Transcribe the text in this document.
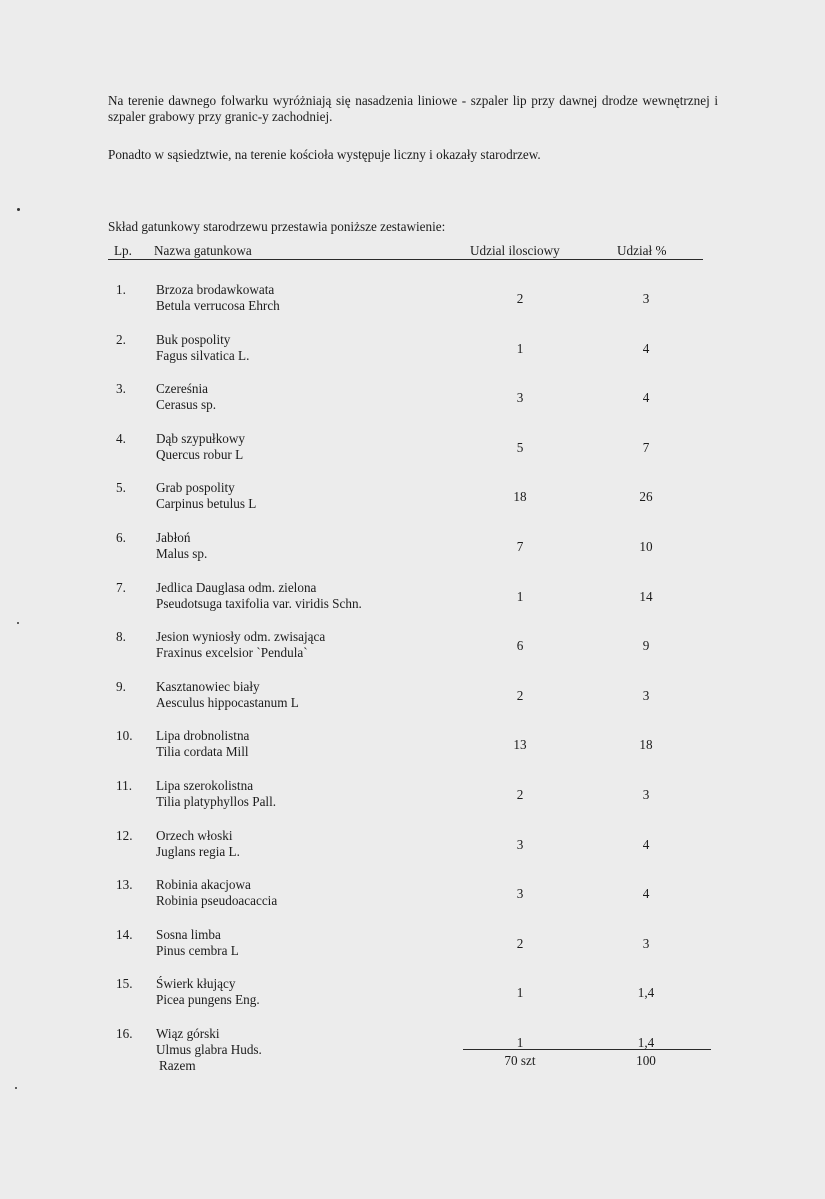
Na terenie dawnego folwarku wyróżniają się nasadzenia liniowe - szpaler lip przy dawnej drodze wewnętrznej i szpaler grabowy przy granic-y zachodniej.

Ponadto w sąsiedztwie, na terenie kościoła występuje liczny i okazały starodrzew.

Skład gatunkowy starodrzewu przestawia poniższe zestawienie:

Lp. Nazwa gatunkowa	Udzial ilosciowy	Udział %
1. Brzoza brodawkowata
Betula verrucosa Ehrch	2	3
2. Buk pospolity
Fagus silvatica L.	1	4
3. Czereśnia
Cerasus sp.	3	4
4. Dąb szypułkowy
Quercus robur L	5	7
5. Grab pospolity
Carpinus betulus L	18	26
6. Jabłoń
Malus sp.	7	10
7. Jedlica Dauglasa odm. zielona
Pseudotsuga taxifolia var. viridis Schn.	1	14
8. Jesion wyniosły odm. zwisająca
Fraxinus excelsior `Pendula`	6	9
9. Kasztanowiec biały
Aesculus hippocastanum L	2	3
10. Lipa drobnolistna
Tilia cordata Mill	13	18
11. Lipa szerokolistna
Tilia platyphyllos Pall.	2	3
12. Orzech włoski
Juglans regia L.	3	4
13. Robinia akacjowa
Robinia pseudoacaccia	3	4
14. Sosna limba
Pinus cembra L	2	3
15. Świerk kłujący
Picea pungens Eng.	1	1,4
16. Wiąz górski
Ulmus glabra Huds.	1	1,4
Razem	70 szt	100
